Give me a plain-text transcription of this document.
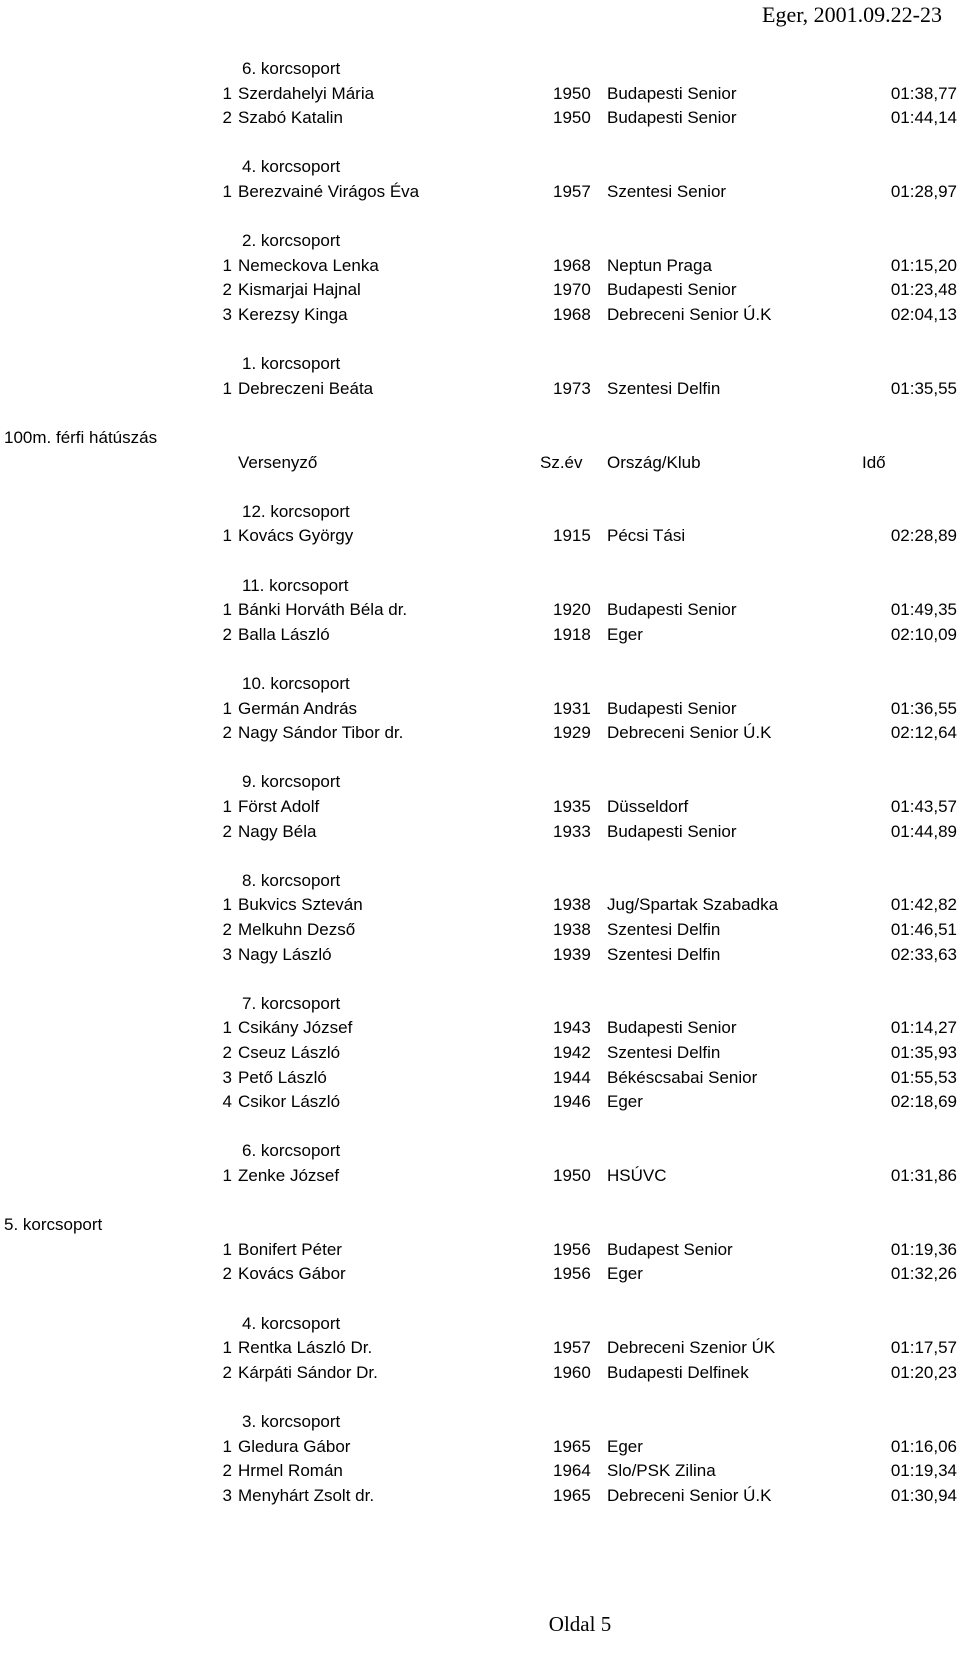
Eger, 2001.09.22-23
6. korcsoport
1 Szerdahelyi Mária	1950 Budapesti Senior	01:38,77
2 Szabó Katalin	1950 Budapesti Senior	01:44,14
4. korcsoport
1 Berezvainé Virágos Éva	1957 Szentesi Senior	01:28,97
2. korcsoport
1 Nemeckova Lenka	1968 Neptun Praga	01:15,20
2 Kismarjai Hajnal	1970 Budapesti Senior	01:23,48
3 Kerezsy Kinga	1968 Debreceni Senior Ú.K	02:04,13
1. korcsoport
1 Debreczeni Beáta	1973 Szentesi Delfin	01:35,55
100m. férfi hátúszás
Versenyző	Sz.év Ország/Klub	Idő
12. korcsoport
1 Kovács György	1915 Pécsi Tási	02:28,89
11. korcsoport
1 Bánki Horváth Béla dr.	1920 Budapesti Senior	01:49,35
2 Balla László	1918 Eger	02:10,09
10. korcsoport
1 Germán András	1931 Budapesti Senior	01:36,55
2 Nagy Sándor Tibor dr.	1929 Debreceni Senior Ú.K	02:12,64
9. korcsoport
1 Först Adolf	1935 Düsseldorf	01:43,57
2 Nagy Béla	1933 Budapesti Senior	01:44,89
8. korcsoport
1 Bukvics Szteván	1938 Jug/Spartak Szabadka	01:42,82
2 Melkuhn Dezső	1938 Szentesi Delfin	01:46,51
3 Nagy László	1939 Szentesi Delfin	02:33,63
7. korcsoport
1 Csikány József	1943 Budapesti Senior	01:14,27
2 Cseuz László	1942 Szentesi Delfin	01:35,93
3 Pető László	1944 Békéscsabai Senior	01:55,53
4 Csikor László	1946 Eger	02:18,69
6. korcsoport
1 Zenke József	1950 HSÚVC	01:31,86
5. korcsoport
1 Bonifert Péter	1956 Budapest Senior	01:19,36
2 Kovács Gábor	1956 Eger	01:32,26
4. korcsoport
1 Rentka László Dr.	1957 Debreceni Szenior ÚK	01:17,57
2 Kárpáti Sándor Dr.	1960 Budapesti Delfinek	01:20,23
3. korcsoport
1 Gledura Gábor	1965 Eger	01:16,06
2 Hrmel Román	1964 Slo/PSK Zilina	01:19,34
3 Menyhárt Zsolt dr.	1965 Debreceni Senior Ú.K	01:30,94
Oldal 5
